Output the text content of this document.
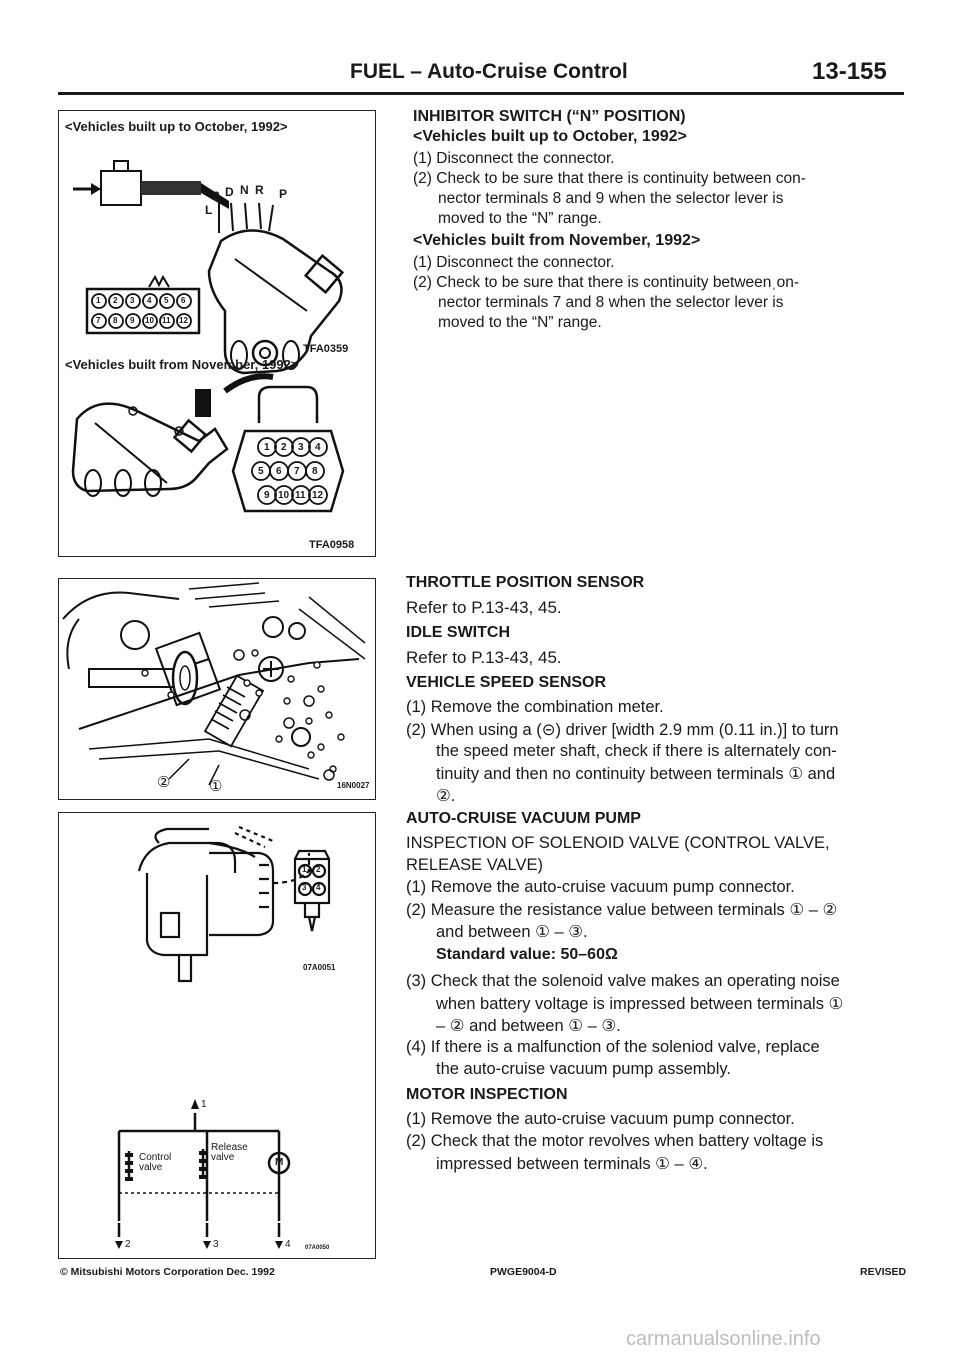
FUEL – Auto-Cruise Control	13-155
<Vehicles built up to October, 1992>
TFA0359
<Vehicles built from November, 1992>
TFA0958
2 D N R P
L
1 2 3 4 5 6
7 8 9 10 11 12
1 2 3 4
5 6 7 8
9 10 11 12
②	①	16N0027
1 2
3 4
07A0051
Control
valve
Release
valve	M
1
2	3	4 07A0050
INHIBITOR SWITCH (“N” POSITION)
<Vehicles built up to October, 1992>
(1) Disconnect the connector.
(2) Check to be sure that there is continuity between con-
nector terminals 8 and 9 when the selector lever is
moved to the “N” range.
<Vehicles built from November, 1992>
(1) Disconnect the connector.
(2) Check to be sure that there is continuity betweenˌon-
nector terminals 7 and 8 when the selector lever is
moved to the “N” range.
THROTTLE POSITION SENSOR
Refer to P.13-43, 45.
IDLE SWITCH
Refer to P.13-43, 45.
VEHICLE SPEED SENSOR
(1) Remove the combination meter.
(2) When using a (⊝) driver [width 2.9 mm (0.11 in.)] to turn
the speed meter shaft, check if there is alternately con-
tinuity and then no continuity between terminals ① and
②.
AUTO-CRUISE VACUUM PUMP
INSPECTION OF SOLENOID VALVE (CONTROL VALVE,
RELEASE VALVE)
(1) Remove the auto-cruise vacuum pump connector.
(2) Measure the resistance value between terminals ① – ②
and between ① – ③.
Standard value: 50–60Ω
(3) Check that the solenoid valve makes an operating noise
when battery voltage is impressed between terminals ①
– ② and between ① – ③.
(4) If there is a malfunction of the soleniod valve, replace
the auto-cruise vacuum pump assembly.
MOTOR INSPECTION
(1) Remove the auto-cruise vacuum pump connector.
(2) Check that the motor revolves when battery voltage is
impressed between terminals ① – ④.
© Mitsubishi Motors Corporation Dec. 1992	PWGE9004-D	REVISED
carmanualsonline.info
